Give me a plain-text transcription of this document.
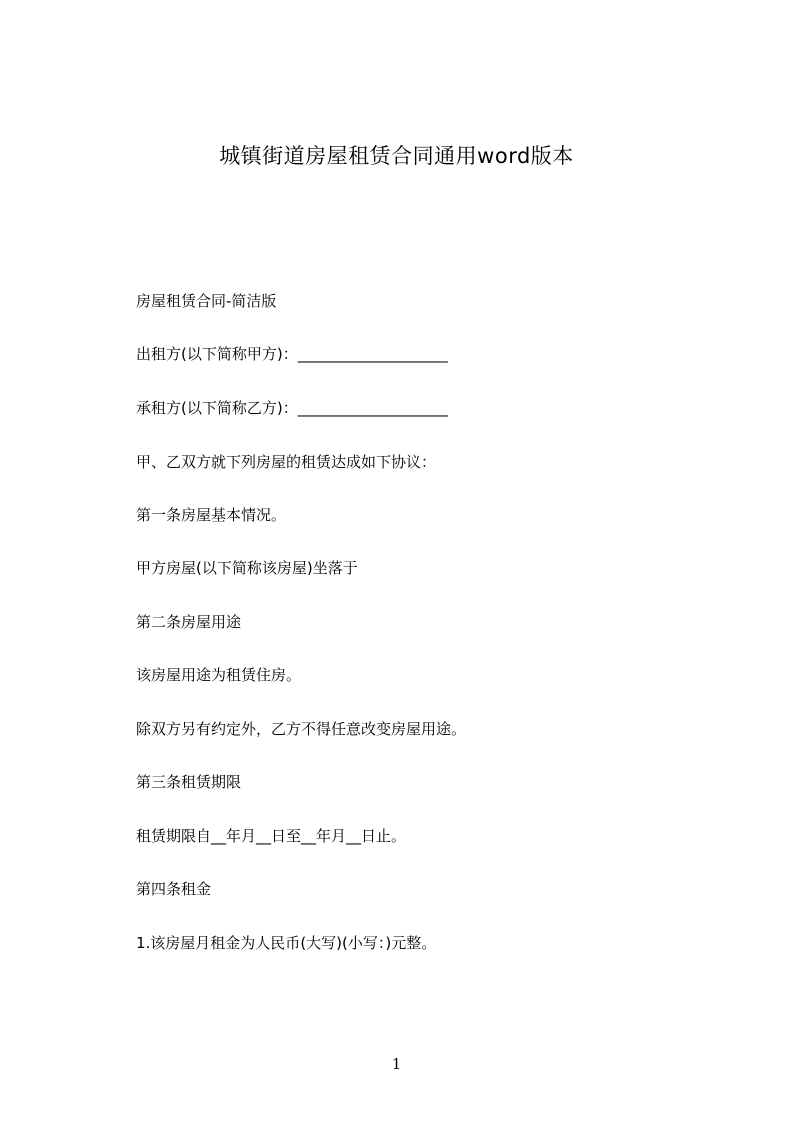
城镇街道房屋租赁合同通用word版本
房屋租赁合同-简洁版
出租方(以下简称甲方)：____________________
承租方(以下简称乙方)：____________________
甲、乙双方就下列房屋的租赁达成如下协议：
第一条房屋基本情况。
甲方房屋(以下简称该房屋)坐落于
第二条房屋用途
该房屋用途为租赁住房。
除双方另有约定外，乙方不得任意改变房屋用途。
第三条租赁期限
租赁期限自__年月__日至__年月__日止。
第四条租金
1.该房屋月租金为人民币(大写)(小写：)元整。
1
